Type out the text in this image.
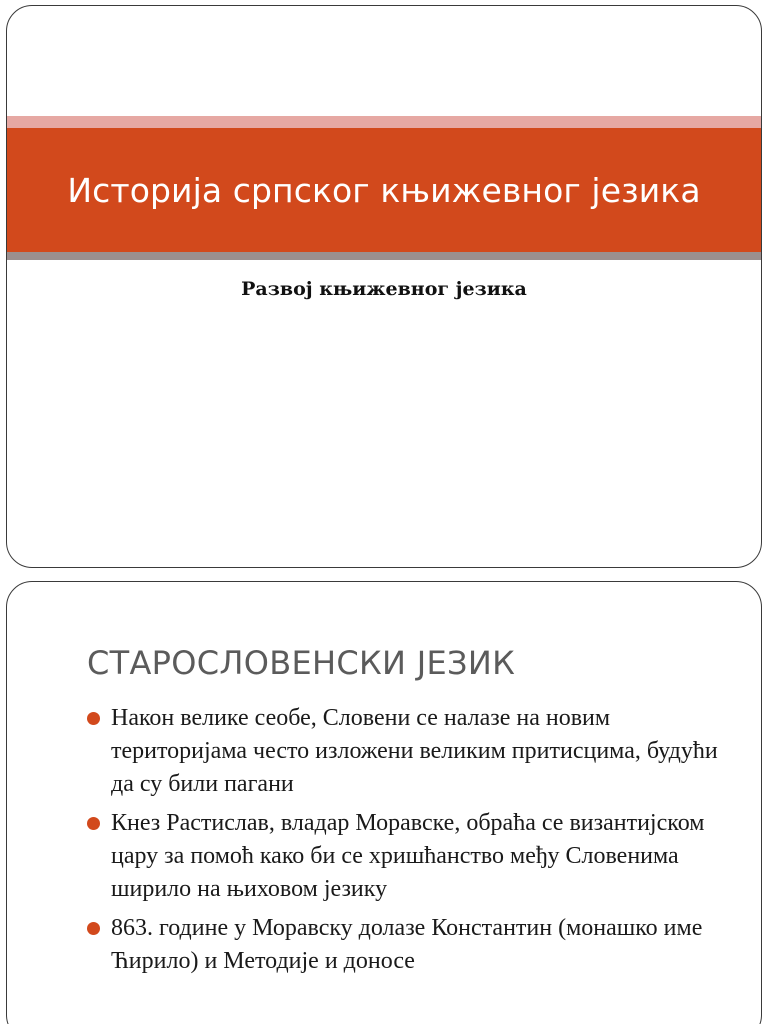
Историја српског књижевног језика
Развој књижевног језика
СТАРОСЛОВЕНСКИ ЈЕЗИК
Након велике сеобе, Словени се налазе на новим територијама често изложени великим притисцима, будући да су били пагани
Кнез Растислав, владар Моравске, обраћа се византијском цару за помоћ како би се хришћанство међу Словенима ширило на њиховом језику
863. године у Моравску долазе Константин (монашко име Ћирило) и Методије и доносе
